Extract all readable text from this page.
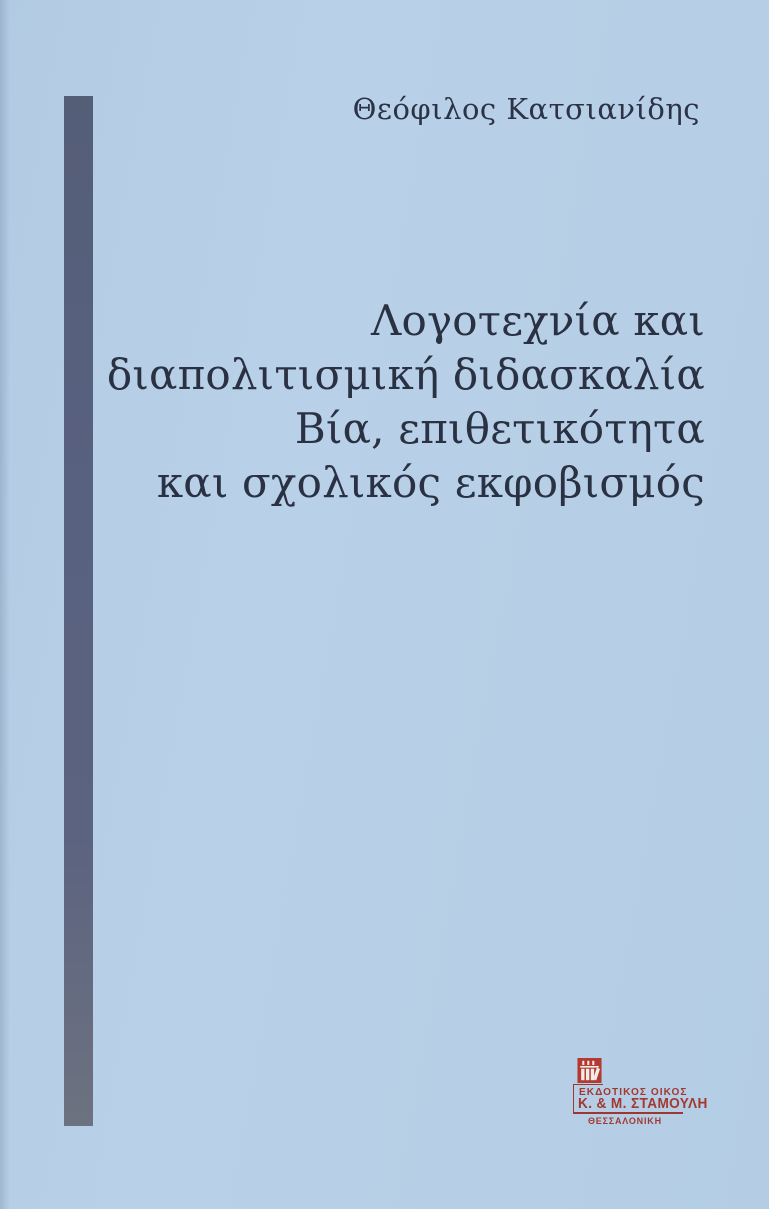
Θεόφιλος Κατσιανίδης
Λογοτεχνία και
διαπολιτισμική διδασκαλία
Βία, επιθετικότητα
και σχολικός εκφοβισμός
ΕΚΔΟΤΙΚΟΣ ΟΙΚΟΣ
Κ. & Μ. ΣΤΑΜΟΥΛΗ
ΘΕΣΣΑΛΟΝΙΚΗ
